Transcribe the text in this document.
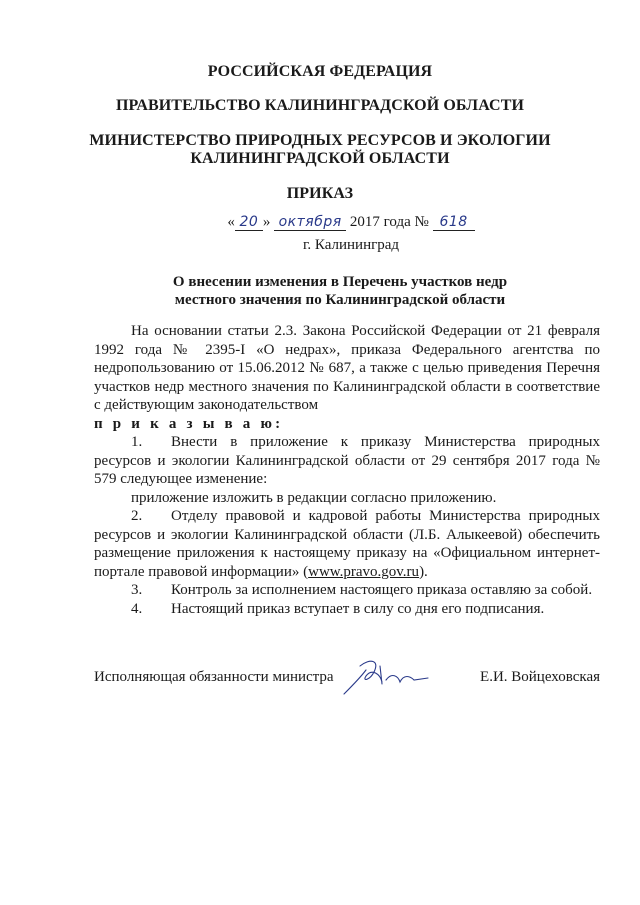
РОССИЙСКАЯ ФЕДЕРАЦИЯ
ПРАВИТЕЛЬСТВО КАЛИНИНГРАДСКОЙ ОБЛАСТИ
МИНИСТЕРСТВО ПРИРОДНЫХ РЕСУРСОВ И ЭКОЛОГИИ
КАЛИНИНГРАДСКОЙ ОБЛАСТИ
ПРИКАЗ
« 20 » октября 2017 года № 618
г. Калининград
О внесении изменения в Перечень участков недр
местного значения по Калининградской области

На основании статьи 2.3. Закона Российской Федерации от 21 февраля 1992 года № 2395-I «О недрах», приказа Федерального агентства по недропользованию от 15.06.2012 № 687, а также с целью приведения Перечня участков недр местного значения по Калининградской области в соответствие с действующим законодательством
п р и к а з ы в а ю:

1. Внести в приложение к приказу Министерства природных ресурсов и экологии Калининградской области от 29 сентября 2017 года № 579 следующее изменение:

приложение изложить в редакции согласно приложению.

2. Отделу правовой и кадровой работы Министерства природных ресурсов и экологии Калининградской области (Л.Б. Алыкеевой) обеспечить размещение приложения к настоящему приказу на «Официальном интернет-портале правовой информации» (www.pravo.gov.ru).

3. Контроль за исполнением настоящего приказа оставляю за собой.

4. Настоящий приказ вступает в силу со дня его подписания.

Исполняющая обязанности министра	Е.И. Войцеховская
